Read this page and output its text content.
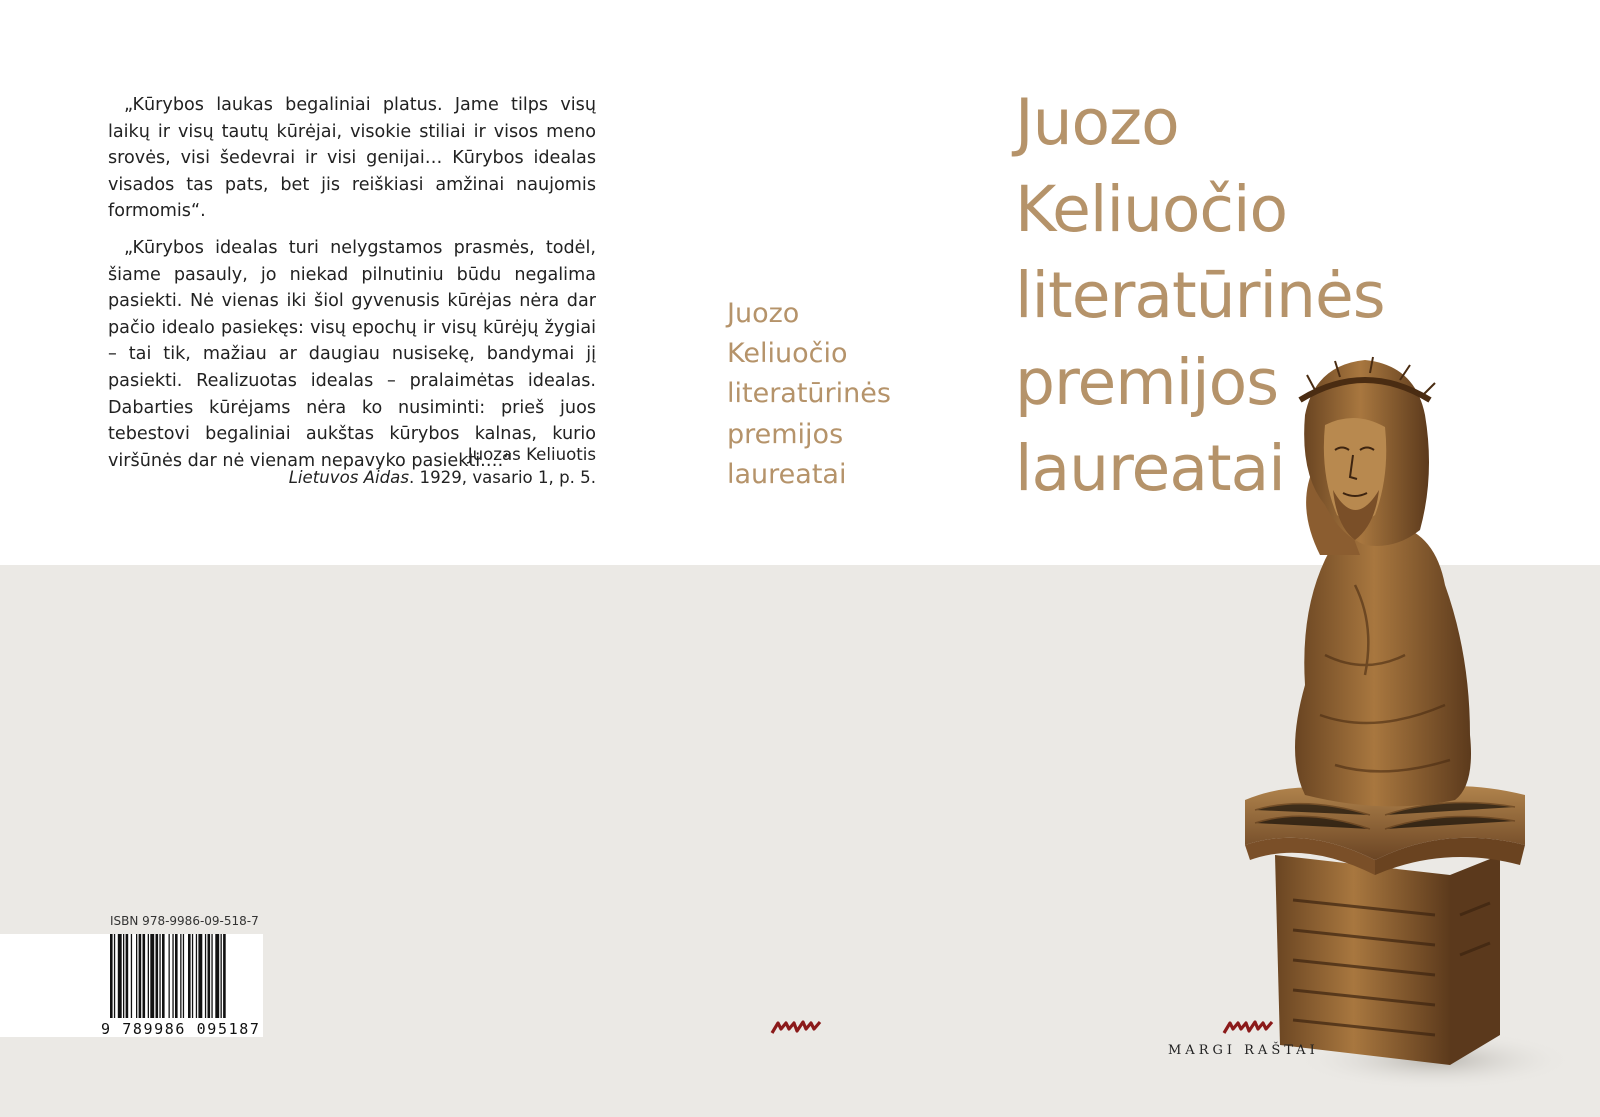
„Kūrybos laukas begaliniai platus. Jame tilps visų laikų ir visų tautų kūrėjai, visokie stiliai ir visos meno srovės, visi šedevrai ir visi genijai… Kūrybos idealas visados tas pats, bet jis reiškiasi amžinai naujomis formomis“.

„Kūrybos idealas turi nelygstamos prasmės, todėl, šiame pasauly, jo niekad pilnutiniu būdu negalima pasiekti. Nė vienas iki šiol gyvenusis kūrėjas nėra dar pačio idealo pasiekęs: visų epochų ir visų kūrėjų žygiai – tai tik, mažiau ar daugiau nusisekę, bandymai jį pasiekti. Realizuotas idealas – pralaimėtas idealas. Dabarties kūrėjams nėra ko nusiminti: prieš juos tebestovi begaliniai aukštas kūrybos kalnas, kurio viršūnės dar nė vienam nepavyko pasiekti.…“

Juozas Keliuotis
Lietuvos Aidas. 1929, vasario 1, p. 5.
Juozo
Keliuočio
literatūrinės
premijos
laureatai
Juozo
Keliuočio
literatūrinės
premijos
laureatai
ISBN 978-9986-09-518-7
9 789986 095187
MARGI RAŠTAI
